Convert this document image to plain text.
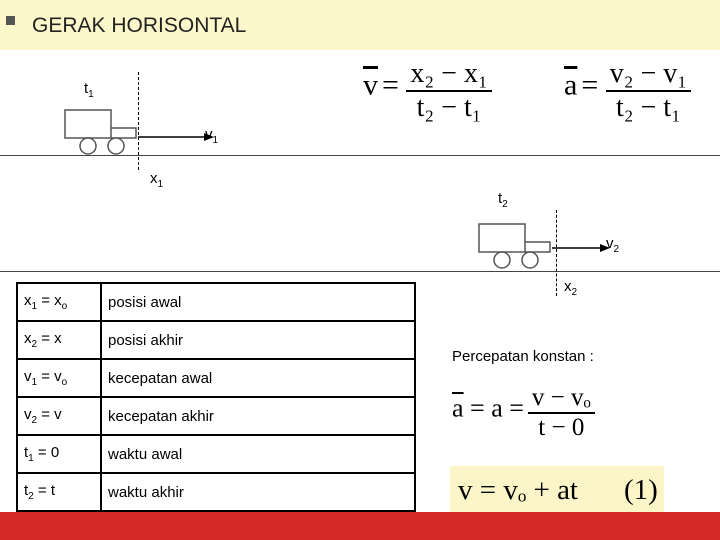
GERAK HORISONTAL
$t_1$
$v_1$
$x_1$
$\overline{v} = \frac{\text{x₂ − x₁}}{\text{t₂ − t₁}} \overline{a} = \frac{\text{v₂ − v₁}}{\text{t₂ − t₁}}$
$t_2$
$v_2$
$x_2$
$x_1 = x_o$	posisi awal
$x_2 = x$	posisi akhir
$v_1 = v_o$	kecepatan awal
$v_2 = v$	kecepatan akhir
$t_1 = 0$	waktu awal
$t_2 = t$	waktu akhir
Percepatan konstan :
$\overline{a} = a = \frac{\text{v − vₒ}}{t - 0}$
v = vₒ + at (1)
